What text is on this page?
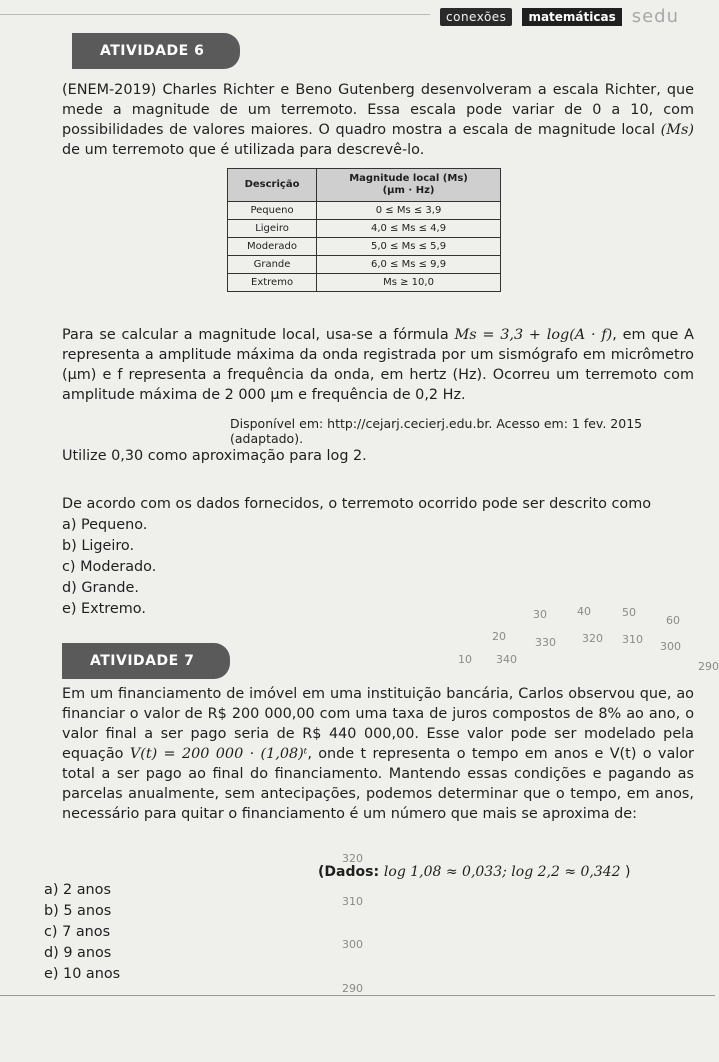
conexões	matemáticas sedu
ATIVIDADE 6

(ENEM-2019) Charles Richter e Beno Gutenberg desenvolveram a escala Richter, que mede a magnitude de um terremoto. Essa escala pode variar de 0 a 10, com possibilidades de valores maiores. O quadro mostra a escala de magnitude local (Ms) de um terremoto que é utilizada para descrevê-lo.

Descrição	Magnitude local (Ms)
(μm · Hz)
Pequeno	0 ≤ Ms ≤ 3,9
Ligeiro	4,0 ≤ Ms ≤ 4,9
Moderado	5,0 ≤ Ms ≤ 5,9
Grande	6,0 ≤ Ms ≤ 9,9
Extremo	Ms ≥ 10,0

Para se calcular a magnitude local, usa-se a fórmula Ms = 3,3 + log(A · f), em que A representa a amplitude máxima da onda registrada por um sismógrafo em micrômetro (μm) e f representa a frequência da onda, em hertz (Hz). Ocorreu um terremoto com amplitude máxima de 2 000 μm e frequência de 0,2 Hz.

Disponível em: http://cejarj.cecierj.edu.br. Acesso em: 1 fev. 2015 (adaptado).
Utilize 0,30 como aproximação para log 2.
De acordo com os dados fornecidos, o terremoto ocorrido pode ser descrito como
a) Pequeno.
b) Ligeiro.
c) Moderado.
d) Grande.
e) Extremo.	30	40	50
60
20	330 320 310
300
10 340
290
320
310
300
290
ATIVIDADE 7

Em um financiamento de imóvel em uma instituição bancária, Carlos observou que, ao financiar o valor de R$ 200 000,00 com uma taxa de juros compostos de 8% ao ano, o valor final a ser pago seria de R$ 440 000,00. Esse valor pode ser modelado pela equação V(t) = 200 000 · (1,08)ᵗ, onde t representa o tempo em anos e V(t) o valor total a ser pago ao final do financiamento. Mantendo essas condições e pagando as parcelas anualmente, sem antecipações, podemos determinar que o tempo, em anos, necessário para quitar o financiamento é um número que mais se aproxima de:

(Dados: log 1,08 ≈ 0,033; log 2,2 ≈ 0,342 )
a) 2 anos
b) 5 anos
c) 7 anos
d) 9 anos
e) 10 anos
